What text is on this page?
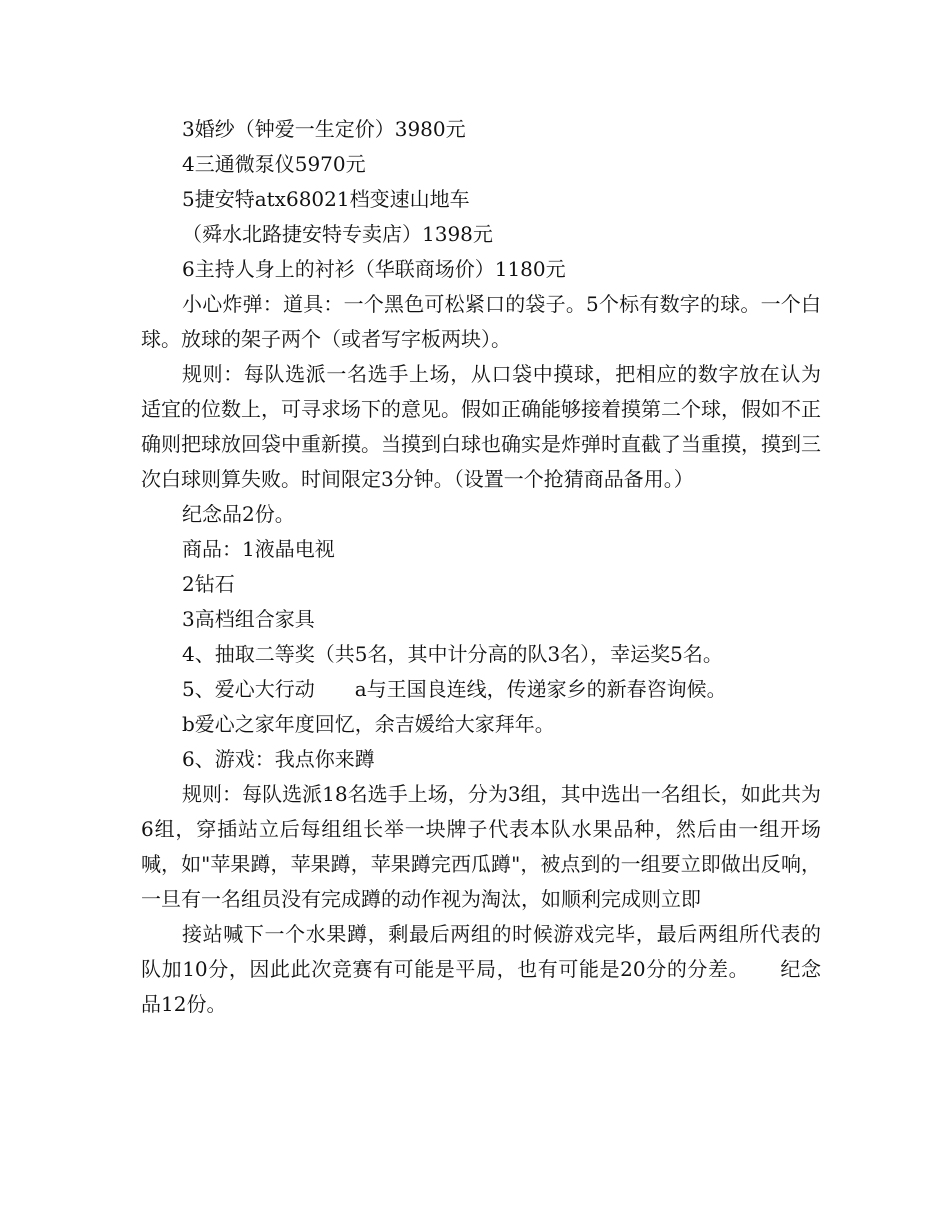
3婚纱（钟爱一生定价）3980元

4三通微泵仪5970元

5捷安特atx68021档变速山地车

（舜水北路捷安特专卖店）1398元

6主持人身上的衬衫（华联商场价）1180元

小心炸弹：道具：一个黑色可松紧口的袋子。5个标有数字的球。一个白球。放球的架子两个（或者写字板两块）。

规则：每队选派一名选手上场，从口袋中摸球，把相应的数字放在认为适宜的位数上，可寻求场下的意见。假如正确能够接着摸第二个球，假如不正确则把球放回袋中重新摸。当摸到白球也确实是炸弹时直截了当重摸，摸到三次白球则算失败。时间限定3分钟。（设置一个抢猜商品备用。）

纪念品2份。

商品：1液晶电视

2钻石

3高档组合家具

4、抽取二等奖（共5名，其中计分高的队3名），幸运奖5名。

5、爱心大行动　　a与王国良连线，传递家乡的新春咨询候。

b爱心之家年度回忆，余吉媛给大家拜年。

6、游戏：我点你来蹲

规则：每队选派18名选手上场，分为3组，其中选出一名组长，如此共为6组，穿插站立后每组组长举一块牌子代表本队水果品种，然后由一组开场喊，如"苹果蹲，苹果蹲，苹果蹲完西瓜蹲"，被点到的一组要立即做出反响，一旦有一名组员没有完成蹲的动作视为淘汰，如顺利完成则立即

接站喊下一个水果蹲，剩最后两组的时候游戏完毕，最后两组所代表的队加10分，因此此次竞赛有可能是平局，也有可能是20分的分差。　　纪念品12份。
